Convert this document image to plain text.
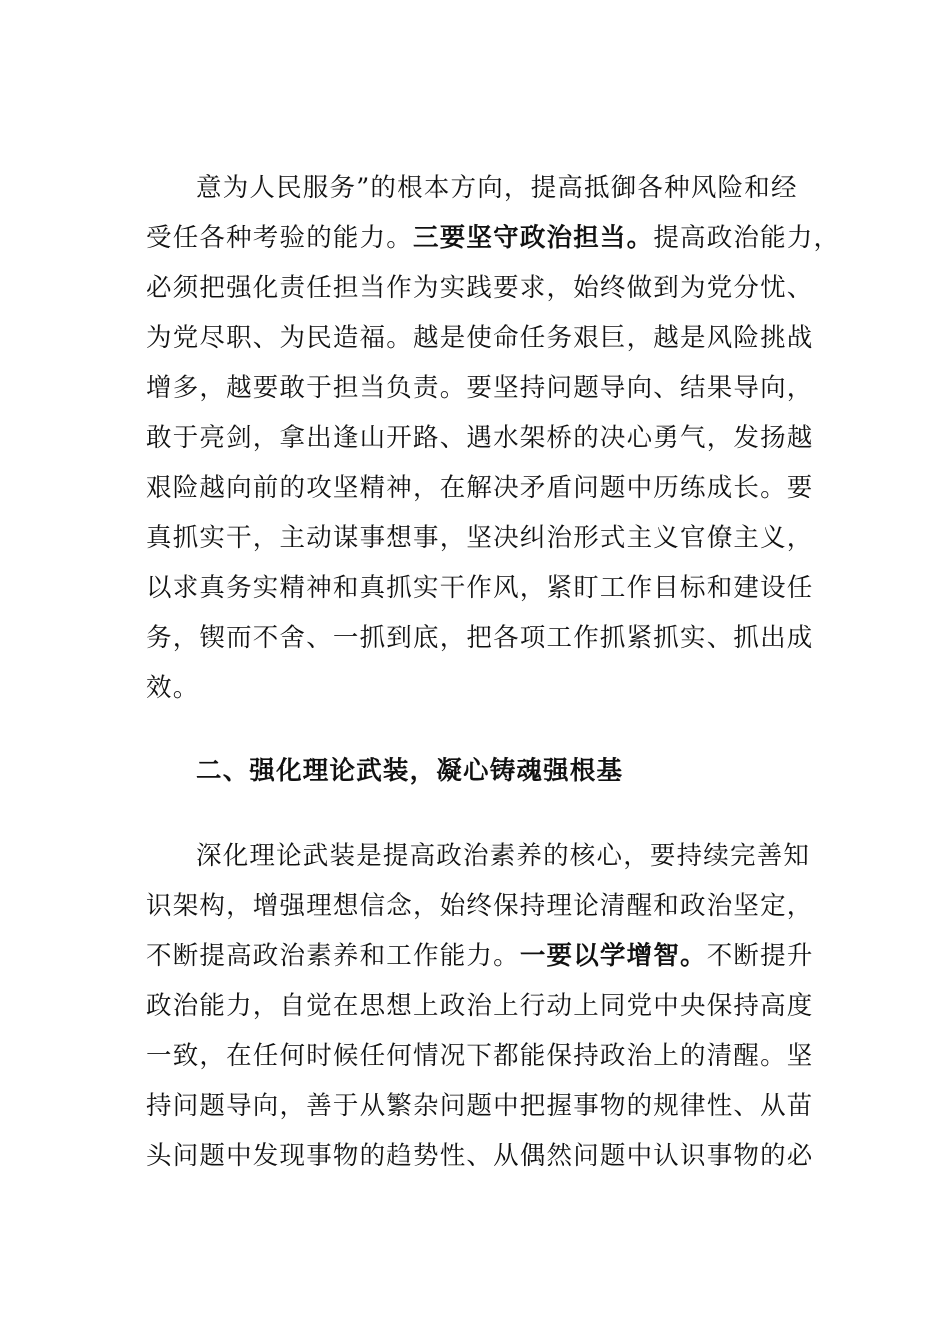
意为人民服务”的根本方向，提高抵御各种风险和经
受任各种考验的能力。三要坚守政治担当。提高政治能力，
必须把强化责任担当作为实践要求，始终做到为党分忧、
为党尽职、为民造福。越是使命任务艰巨，越是风险挑战
增多，越要敢于担当负责。要坚持问题导向、结果导向，
敢于亮剑，拿出逢山开路、遇水架桥的决心勇气，发扬越
艰险越向前的攻坚精神，在解决矛盾问题中历练成长。要
真抓实干，主动谋事想事，坚决纠治形式主义官僚主义，
以求真务实精神和真抓实干作风，紧盯工作目标和建设任
务，锲而不舍、一抓到底，把各项工作抓紧抓实、抓出成
效。
二、强化理论武装，凝心铸魂强根基
深化理论武装是提高政治素养的核心，要持续完善知
识架构，增强理想信念，始终保持理论清醒和政治坚定，
不断提高政治素养和工作能力。一要以学增智。不断提升
政治能力，自觉在思想上政治上行动上同党中央保持高度
一致，在任何时候任何情况下都能保持政治上的清醒。坚
持问题导向，善于从繁杂问题中把握事物的规律性、从苗
头问题中发现事物的趋势性、从偶然问题中认识事物的必
